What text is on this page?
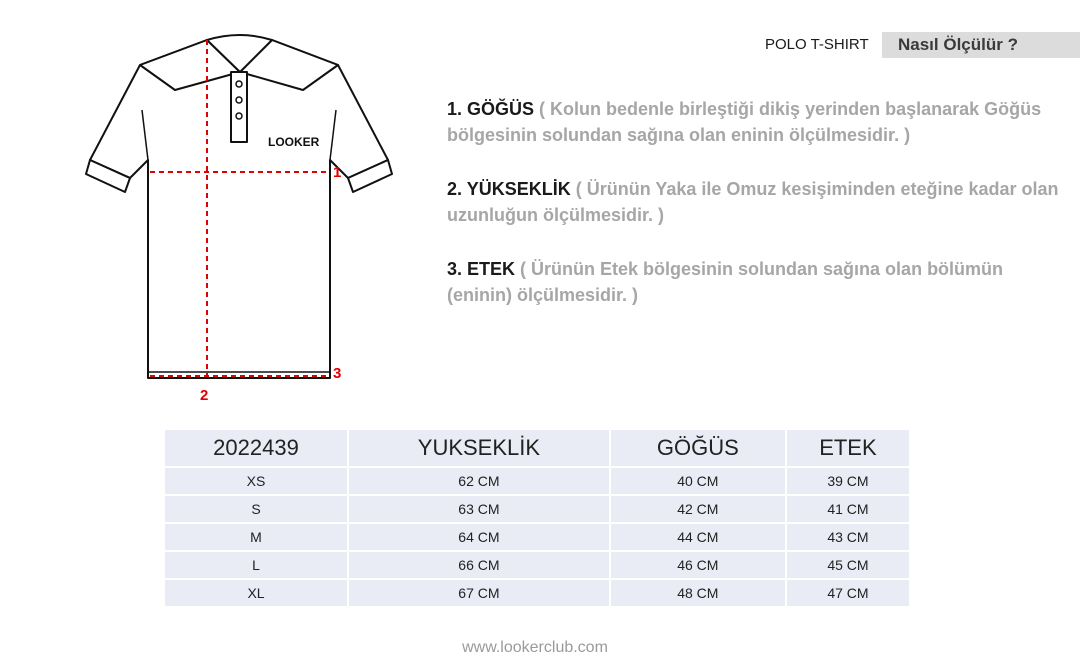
POLO T-SHIRT	Nasıl Ölçülür ?
LOOKER
1
2
3
1. GÖĞÜS ( Kolun bedenle birleştiği dikiş yerinden başlanarak Göğüs bölgesinin solundan sağına olan eninin ölçülmesidir. )
2. YÜKSEKLİK ( Ürünün Yaka ile Omuz kesişiminden eteğine kadar olan uzunluğun ölçülmesidir. )
3. ETEK ( Ürünün Etek bölgesinin solundan sağına olan bölümün (eninin) ölçülmesidir. )
2022439	YUKSEKLİK	GÖĞÜS	ETEK
XS	62 CM	40 CM	39 CM
S	63 CM	42 CM	41 CM
M	64 CM	44 CM	43 CM
L	66 CM	46 CM	45 CM
XL	67 CM	48 CM	47 CM
www.lookerclub.com
